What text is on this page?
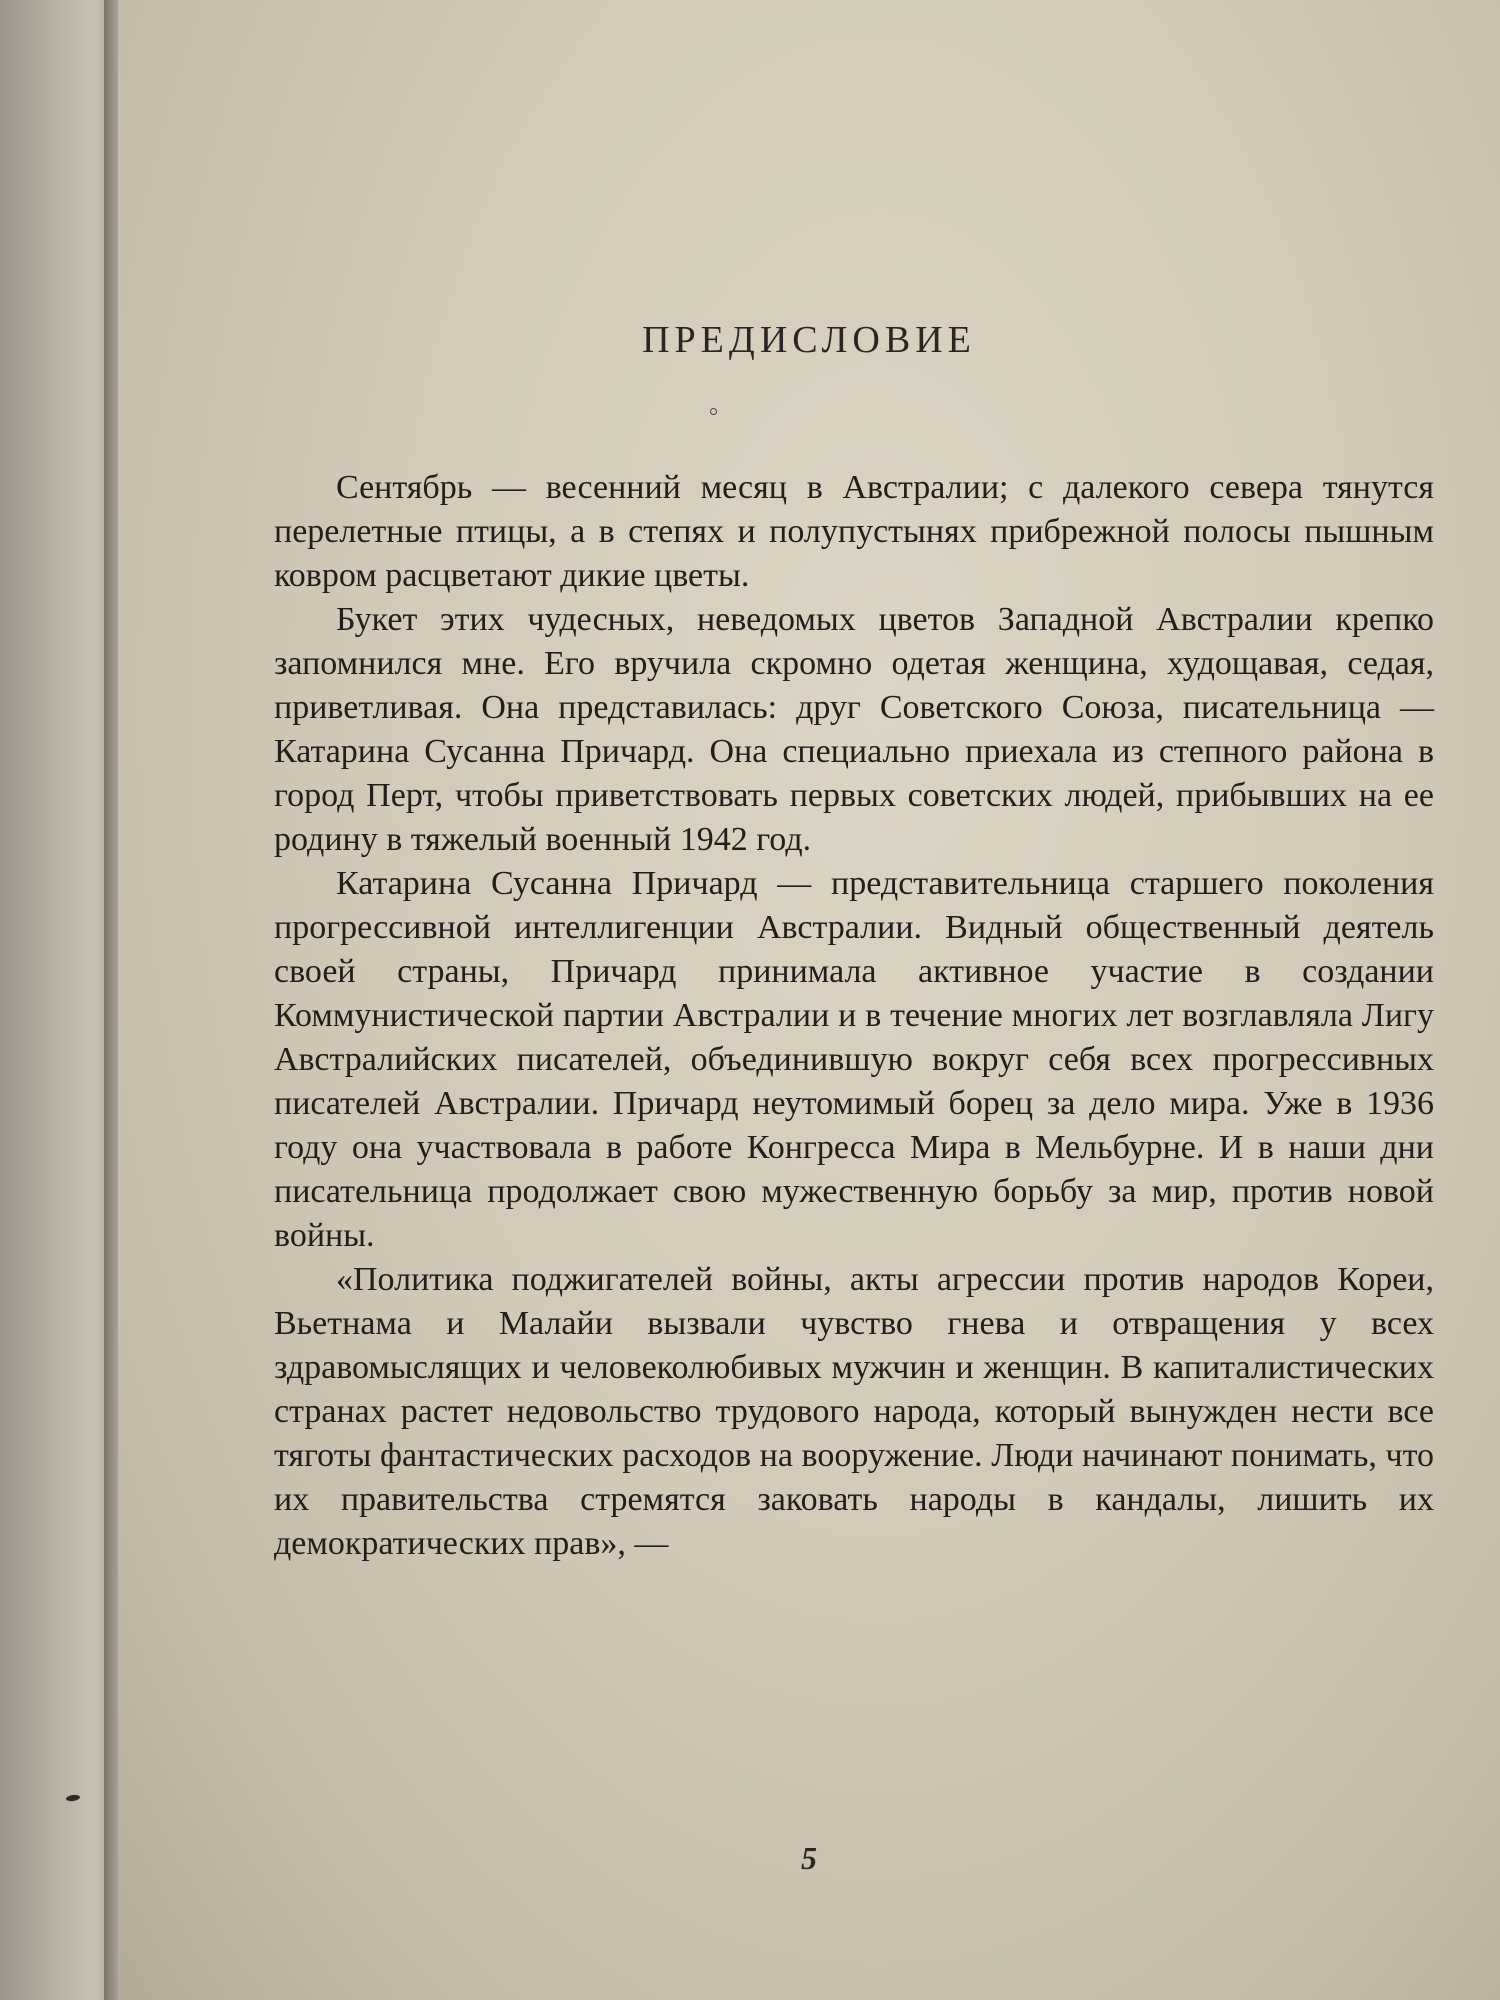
ПРЕДИСЛОВИЕ

Сентябрь — весенний месяц в Австралии; с далекого севера тянутся перелетные птицы, а в степях и полупустынях прибрежной полосы пышным ковром расцветают дикие цветы.

Букет этих чудесных, неведомых цветов Западной Австралии крепко запомнился мне. Его вручила скромно одетая женщина, худощавая, седая, приветливая. Она представилась: друг Советского Союза, писательница — Катарина Сусанна Причард. Она специально приехала из степного района в город Перт, чтобы приветствовать первых советских людей, прибывших на ее родину в тяжелый военный 1942 год.

Катарина Сусанна Причард — представительница старшего поколения прогрессивной интеллигенции Австралии. Видный общественный деятель своей страны, Причард принимала активное участие в создании Коммунистической партии Австралии и в течение многих лет возглавляла Лигу Австралийских писателей, объединившую вокруг себя всех прогрессивных писателей Австралии. Причард неутомимый борец за дело мира. Уже в 1936 году она участвовала в работе Конгресса Мира в Мельбурне. И в наши дни писательница продолжает свою мужественную борьбу за мир, против новой войны.

«Политика поджигателей войны, акты агрессии против народов Кореи, Вьетнама и Малайи вызвали чувство гнева и отвращения у всех здравомыслящих и человеколюбивых мужчин и женщин. В капиталистических странах растет недовольство трудового народа, который вынужден нести все тяготы фантастических расходов на вооружение. Люди начинают понимать, что их правительства стремятся заковать народы в кандалы, лишить их демократических прав», —

5
